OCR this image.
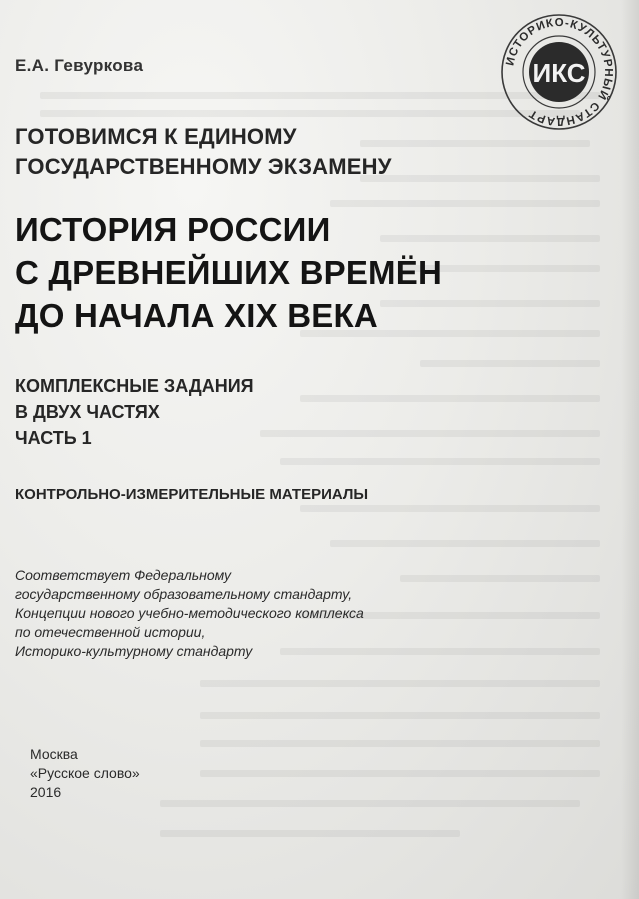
Е.А. Гевуркова	ИКС
ИСТОРИКО-КУЛЬТУРНЫЙ СТАНДАРТ
ГОТОВИМСЯ К ЕДИНОМУ
ГОСУДАРСТВЕННОМУ ЭКЗАМЕНУ
ИСТОРИЯ РОССИИ
С ДРЕВНЕЙШИХ ВРЕМЁН
ДО НАЧАЛА XIX ВЕКА
КОМПЛЕКСНЫЕ ЗАДАНИЯ
В ДВУХ ЧАСТЯХ
ЧАСТЬ 1
КОНТРОЛЬНО-ИЗМЕРИТЕЛЬНЫЕ МАТЕРИАЛЫ
Соответствует Федеральному
государственному образовательному стандарту,
Концепции нового учебно-методического комплекса
по отечественной истории,
Историко-культурному стандарту
Москва
«Русское слово»
2016
